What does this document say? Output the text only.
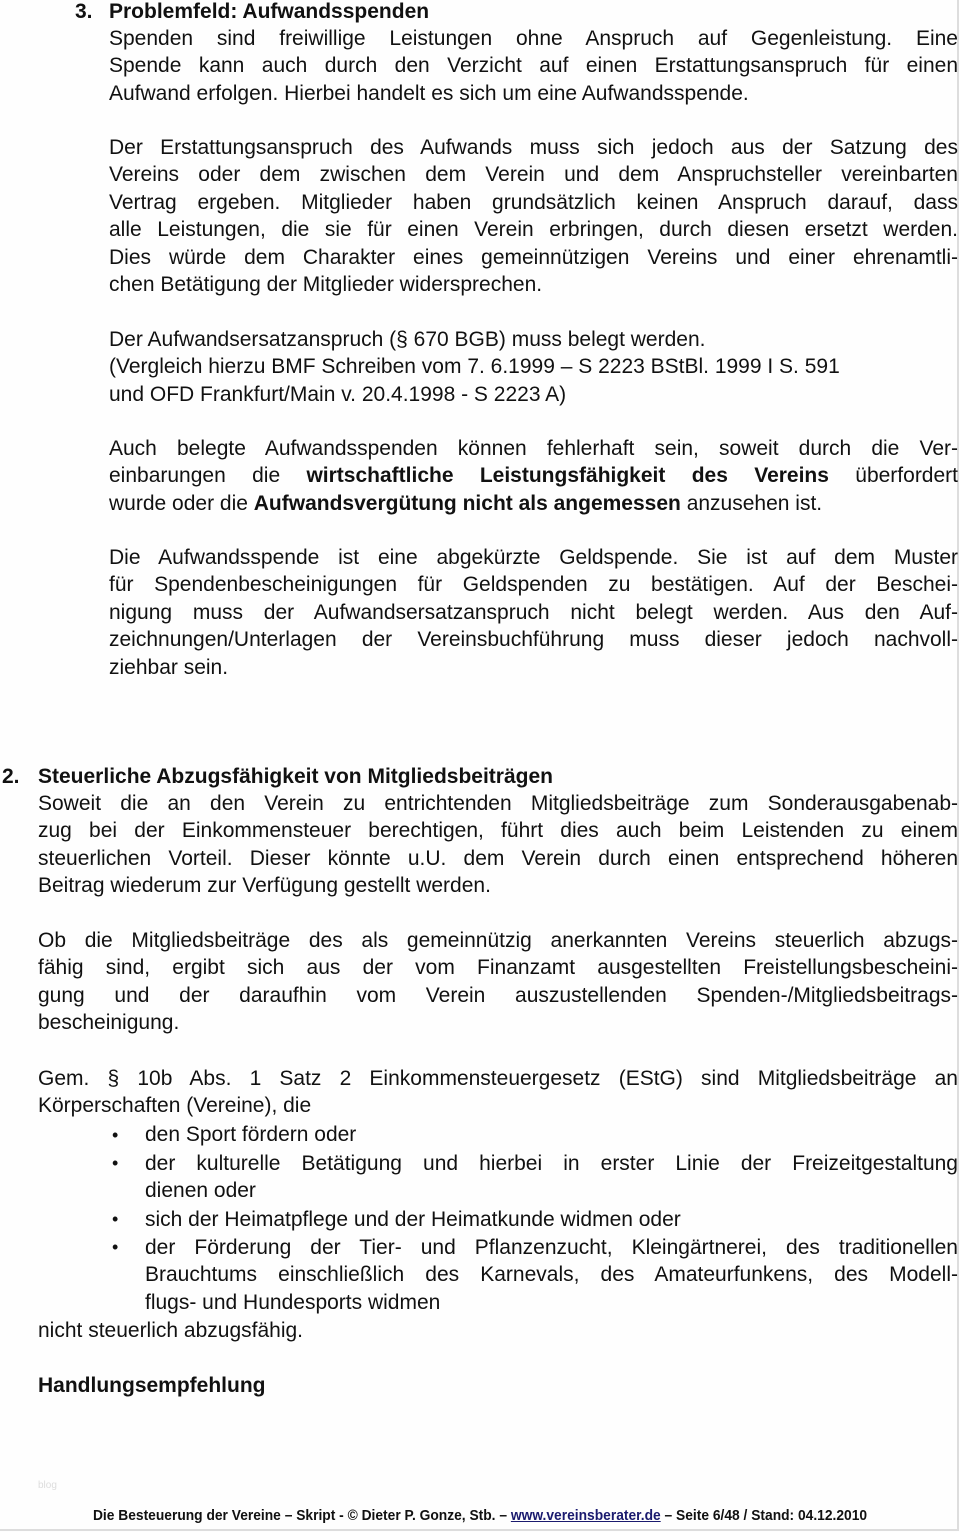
3. Problemfeld: Aufwandsspenden
Spenden sind freiwillige Leistungen ohne Anspruch auf Gegenleistung. Eine
Spende kann auch durch den Verzicht auf einen Erstattungsanspruch für einen
Aufwand erfolgen. Hierbei handelt es sich um eine Aufwandsspende.
Der Erstattungsanspruch des Aufwands muss sich jedoch aus der Satzung des
Vereins oder dem zwischen dem Verein und dem Anspruchsteller vereinbarten
Vertrag ergeben. Mitglieder haben grundsätzlich keinen Anspruch darauf, dass
alle Leistungen, die sie für einen Verein erbringen, durch diesen ersetzt werden.
Dies würde dem Charakter eines gemeinnützigen Vereins und einer ehrenamtli-
chen Betätigung der Mitglieder widersprechen.
Der Aufwandsersatzanspruch (§ 670 BGB) muss belegt werden.
(Vergleich hierzu BMF Schreiben vom 7. 6.1999 – S 2223 BStBl. 1999 I S. 591
und OFD Frankfurt/Main v. 20.4.1998 - S 2223 A)
Auch belegte Aufwandsspenden können fehlerhaft sein, soweit durch die Ver-
einbarungen die wirtschaftliche Leistungsfähigkeit des Vereins überfordert
wurde oder die Aufwandsvergütung nicht als angemessen anzusehen ist.
Die Aufwandsspende ist eine abgekürzte Geldspende. Sie ist auf dem Muster
für Spendenbescheinigungen für Geldspenden zu bestätigen. Auf der Beschei-
nigung muss der Aufwandsersatzanspruch nicht belegt werden. Aus den Auf-
zeichnungen/Unterlagen der Vereinsbuchführung muss dieser jedoch nachvoll-
ziehbar sein.
2. Steuerliche Abzugsfähigkeit von Mitgliedsbeiträgen
Soweit die an den Verein zu entrichtenden Mitgliedsbeiträge zum Sonderausgabenab-
zug bei der Einkommensteuer berechtigen, führt dies auch beim Leistenden zu einem
steuerlichen Vorteil. Dieser könnte u.U. dem Verein durch einen entsprechend höheren
Beitrag wiederum zur Verfügung gestellt werden.
Ob die Mitgliedsbeiträge des als gemeinnützig anerkannten Vereins steuerlich abzugs-
fähig sind, ergibt sich aus der vom Finanzamt ausgestellten Freistellungsbescheini-
gung und der daraufhin vom Verein auszustellenden Spenden-/Mitgliedsbeitrags-
bescheinigung.
Gem. § 10b Abs. 1 Satz 2 Einkommensteuergesetz (EStG) sind Mitgliedsbeiträge an
Körperschaften (Vereine), die
• den Sport fördern oder
• der kulturelle Betätigung und hierbei in erster Linie der Freizeitgestaltung
dienen oder
• sich der Heimatpflege und der Heimatkunde widmen oder
• der Förderung der Tier- und Pflanzenzucht, Kleingärtnerei, des traditionellen
Brauchtums einschließlich des Karnevals, des Amateurfunkens, des Modell-
flugs- und Hundesports widmen
nicht steuerlich abzugsfähig.
Handlungsempfehlung
blog
Die Besteuerung der Vereine – Skript - © Dieter P. Gonze, Stb. – www.vereinsberater.de – Seite 6/48 / Stand: 04.12.2010
